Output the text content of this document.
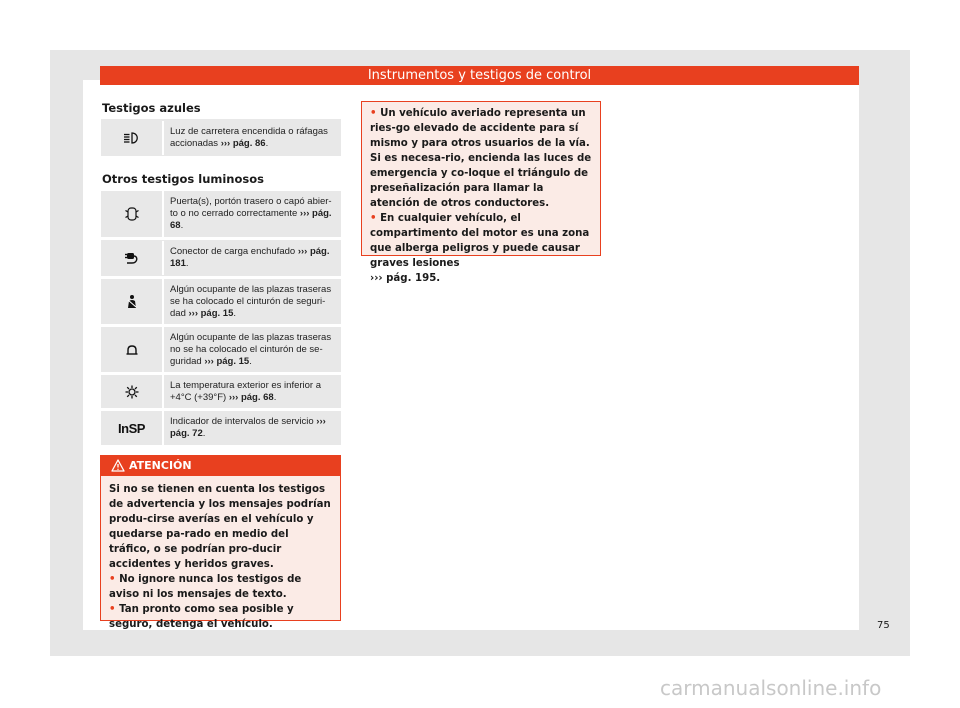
Instrumentos y testigos de control
Testigos azules
Luz de carretera encendida o ráfagas accionadas ››› pág. 86.
Otros testigos luminosos
Puerta(s), portón trasero o capó abier-to o no cerrado correctamente ››› pág. 68.
Conector de carga enchufado ››› pág. 181.
Algún ocupante de las plazas traseras se ha colocado el cinturón de seguri-dad ››› pág. 15.
Algún ocupante de las plazas traseras no se ha colocado el cinturón de se-guridad ››› pág. 15.
La temperatura exterior es inferior a +4°C (+39°F) ››› pág. 68.
InSP	Indicador de intervalos de servicio ››› pág. 72.
ATENCIÓN

Si no se tienen en cuenta los testigos de advertencia y los mensajes podrían produ-cirse averías en el vehículo y quedarse pa-rado en medio del tráfico, o se podrían pro-ducir accidentes y heridos graves.

• No ignore nunca los testigos de aviso ni los mensajes de texto.

• Tan pronto como sea posible y seguro, detenga el vehículo.

• Un vehículo averiado representa un ries-go elevado de accidente para sí mismo y para otros usuarios de la vía. Si es necesa-rio, encienda las luces de emergencia y co-loque el triángulo de preseñalización para llamar la atención de otros conductores.

• En cualquier vehículo, el compartimento del motor es una zona que alberga peligros y puede causar graves lesiones
››› pág. 195.

75
carmanualsonline.info
